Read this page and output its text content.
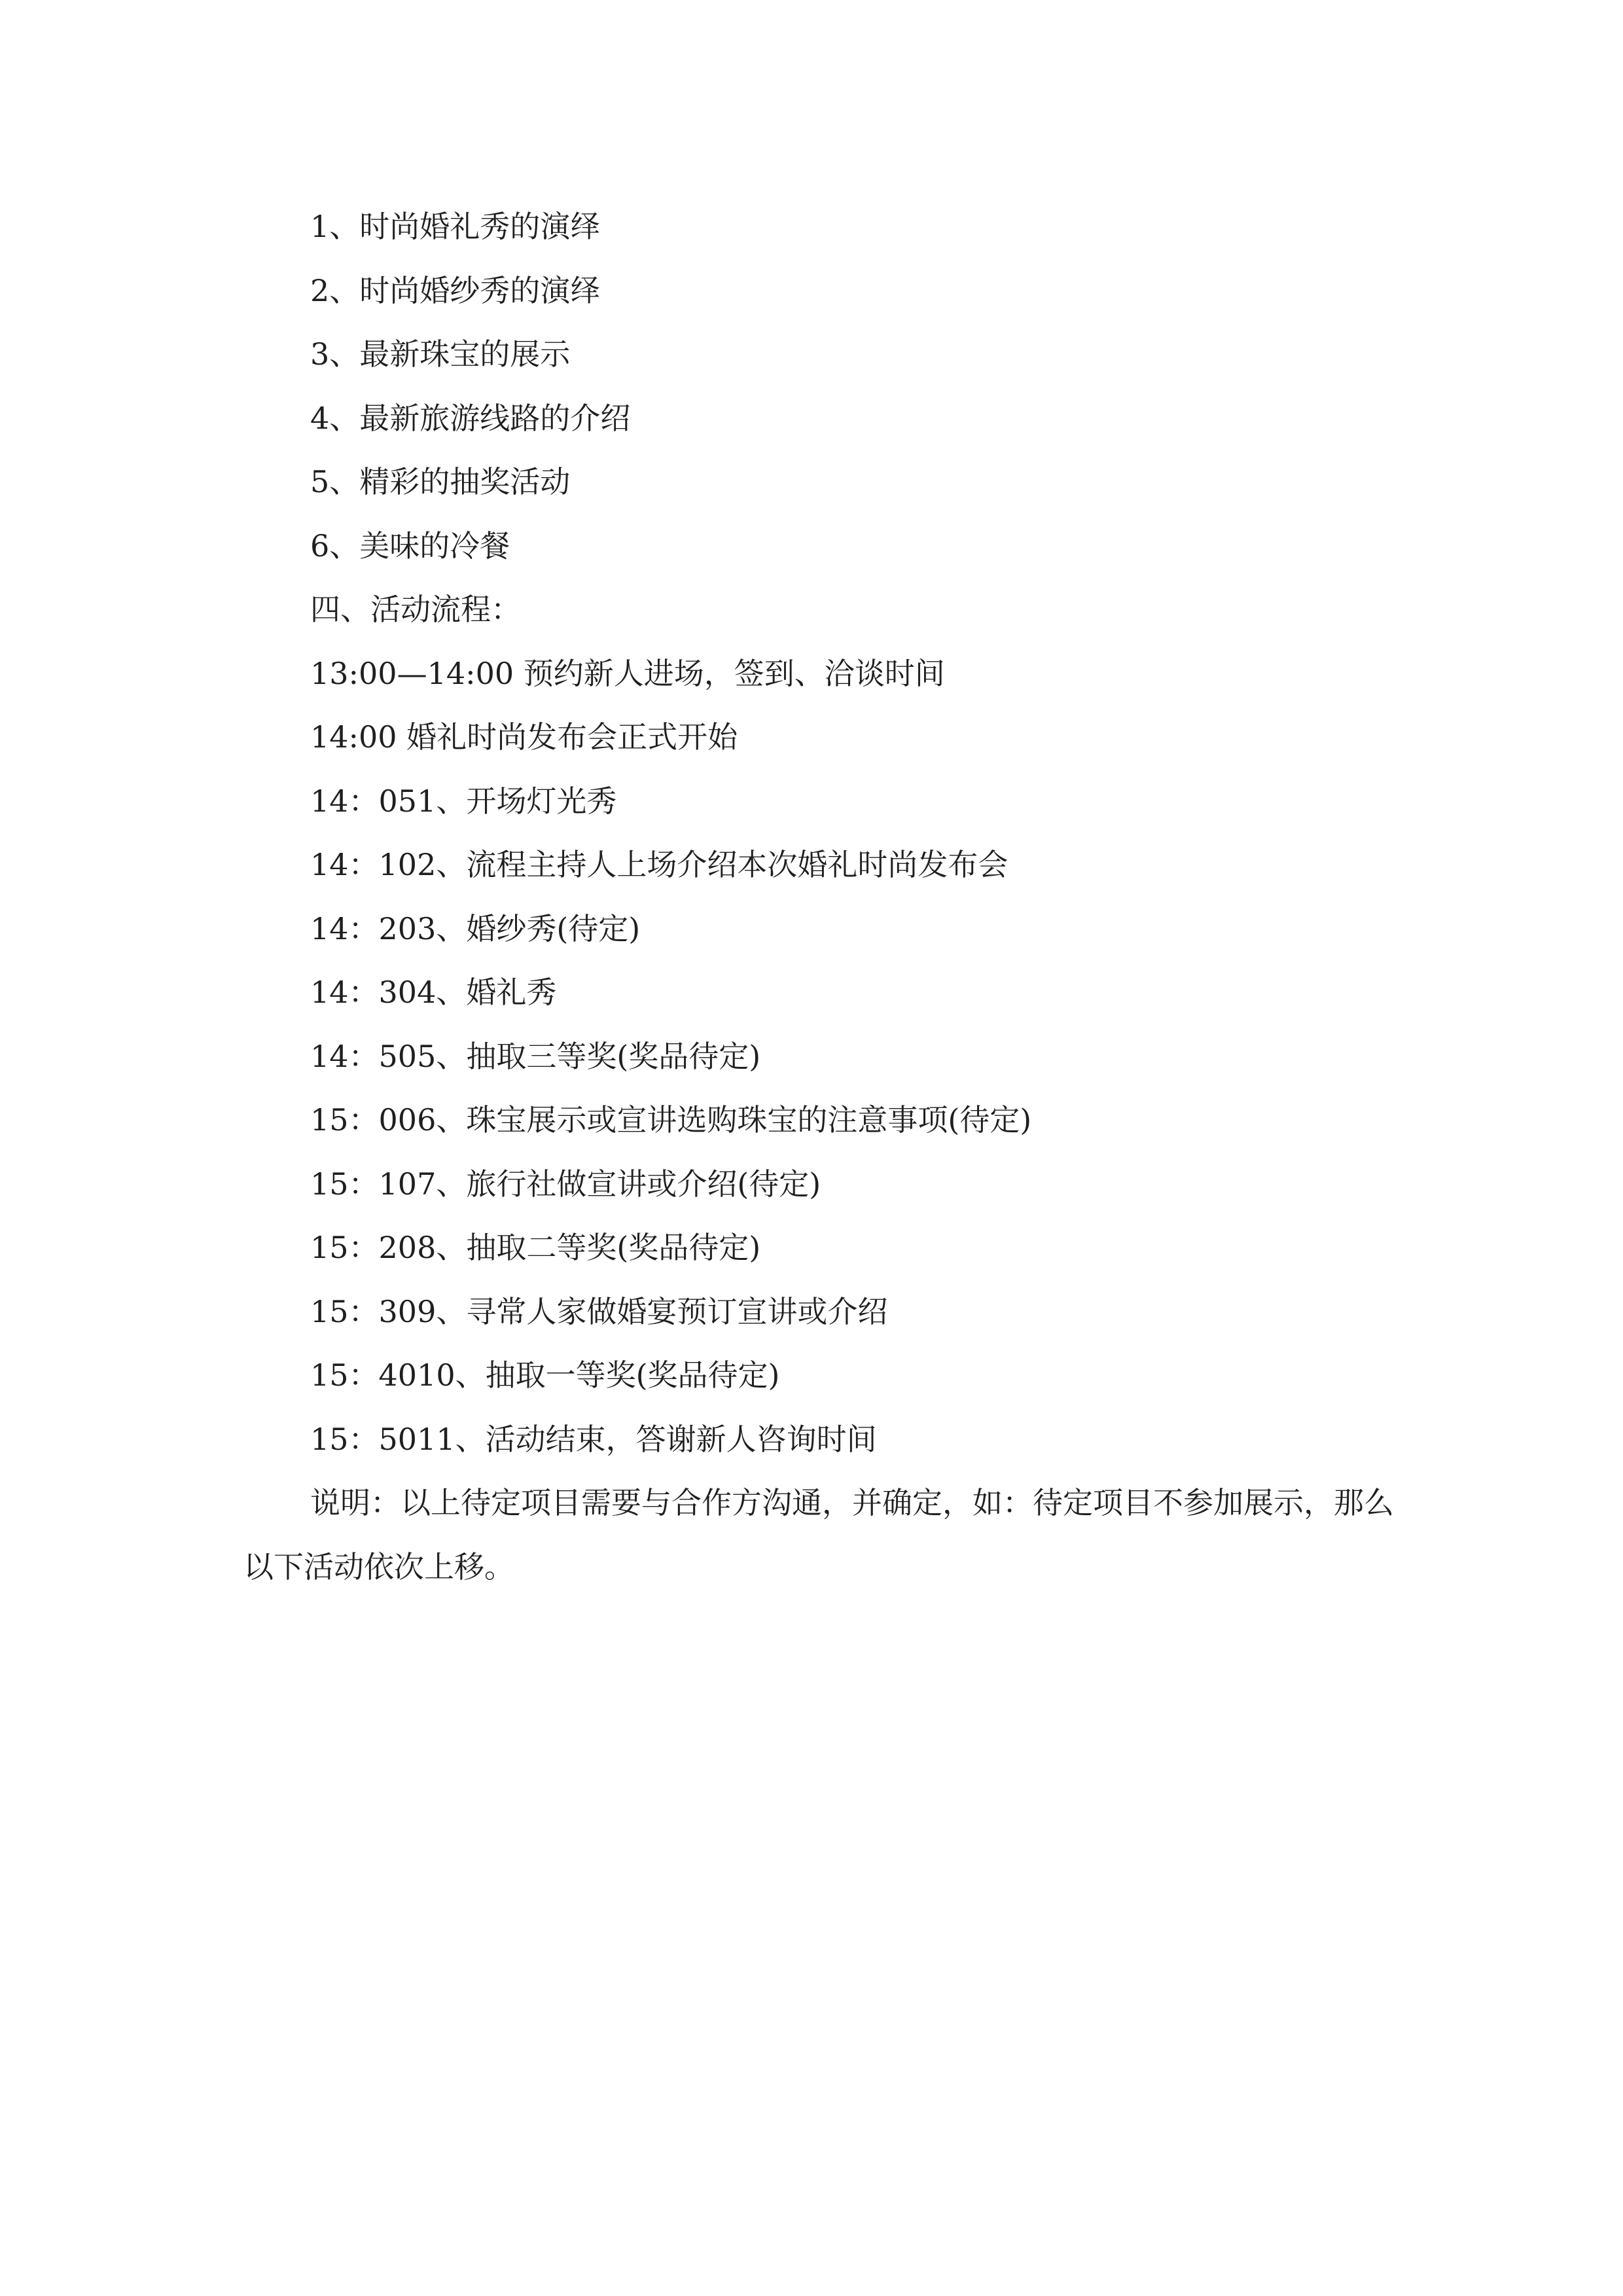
1、时尚婚礼秀的演绎

2、时尚婚纱秀的演绎

3、最新珠宝的展示

4、最新旅游线路的介绍

5、精彩的抽奖活动

6、美味的冷餐

四、活动流程：

13:00—14:00 预约新人进场，签到、洽谈时间

14:00 婚礼时尚发布会正式开始

14：051、开场灯光秀

14：102、流程主持人上场介绍本次婚礼时尚发布会

14：203、婚纱秀(待定)

14：304、婚礼秀

14：505、抽取三等奖(奖品待定)

15：006、珠宝展示或宣讲选购珠宝的注意事项(待定)

15：107、旅行社做宣讲或介绍(待定)

15：208、抽取二等奖(奖品待定)

15：309、寻常人家做婚宴预订宣讲或介绍

15：4010、抽取一等奖(奖品待定)

15：5011、活动结束，答谢新人咨询时间

说明：以上待定项目需要与合作方沟通，并确定，如：待定项目不参加展示，那么以下活动依次上移。
